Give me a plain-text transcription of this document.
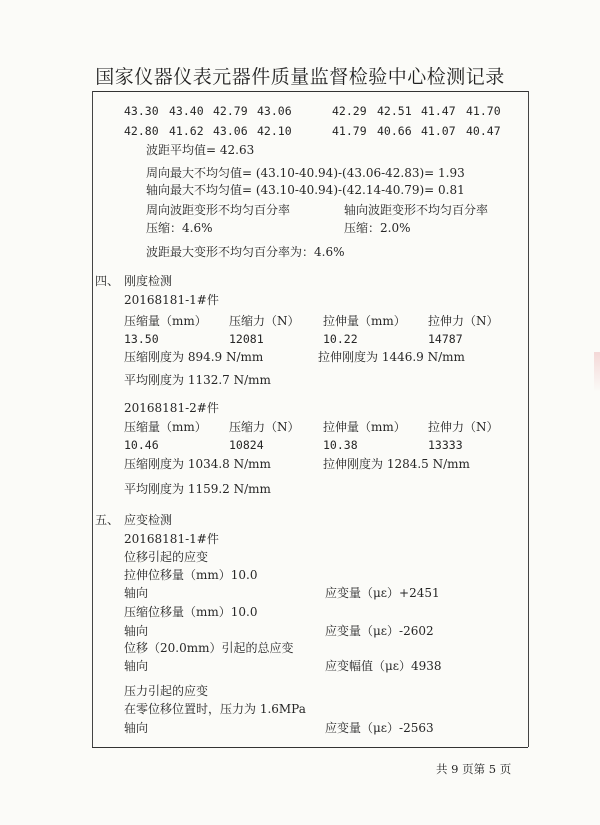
国家仪器仪表元器件质量监督检验中心检测记录
43.30 43.40 42.79 43.06	42.29 42.51 41.47 41.70
42.80 41.62 43.06 42.10	41.79 40.66 41.07 40.47
波距平均值= 42.63
周向最大不均匀值= (43.10-40.94)-(43.06-42.83)= 1.93
轴向最大不均匀值= (43.10-40.94)-(42.14-40.79)= 0.81
周向波距变形不均匀百分率	轴向波距变形不均匀百分率
压缩：4.6%	压缩：2.0%
波距最大变形不均匀百分率为：4.6%
四、 刚度检测
20168181-1#件
压缩量（mm） 压缩力（N） 拉伸量（mm） 拉伸力（N）
13.50	12081	10.22	14787
压缩刚度为 894.9 N/mm	拉伸刚度为 1446.9 N/mm
平均刚度为 1132.7 N/mm
20168181-2#件
压缩量（mm） 压缩力（N） 拉伸量（mm） 拉伸力（N）
10.46	10824	10.38	13333
压缩刚度为 1034.8 N/mm	拉伸刚度为 1284.5 N/mm
平均刚度为 1159.2 N/mm
五、 应变检测
20168181-1#件
位移引起的应变
拉伸位移量（mm）10.0
轴向	应变量（με）+2451
压缩位移量（mm）10.0
轴向	应变量（με）-2602
位移（20.0mm）引起的总应变
轴向	应变幅值（με）4938
压力引起的应变
在零位移位置时，压力为 1.6MPa
轴向	应变量（με）-2563
共 9 页第 5 页
